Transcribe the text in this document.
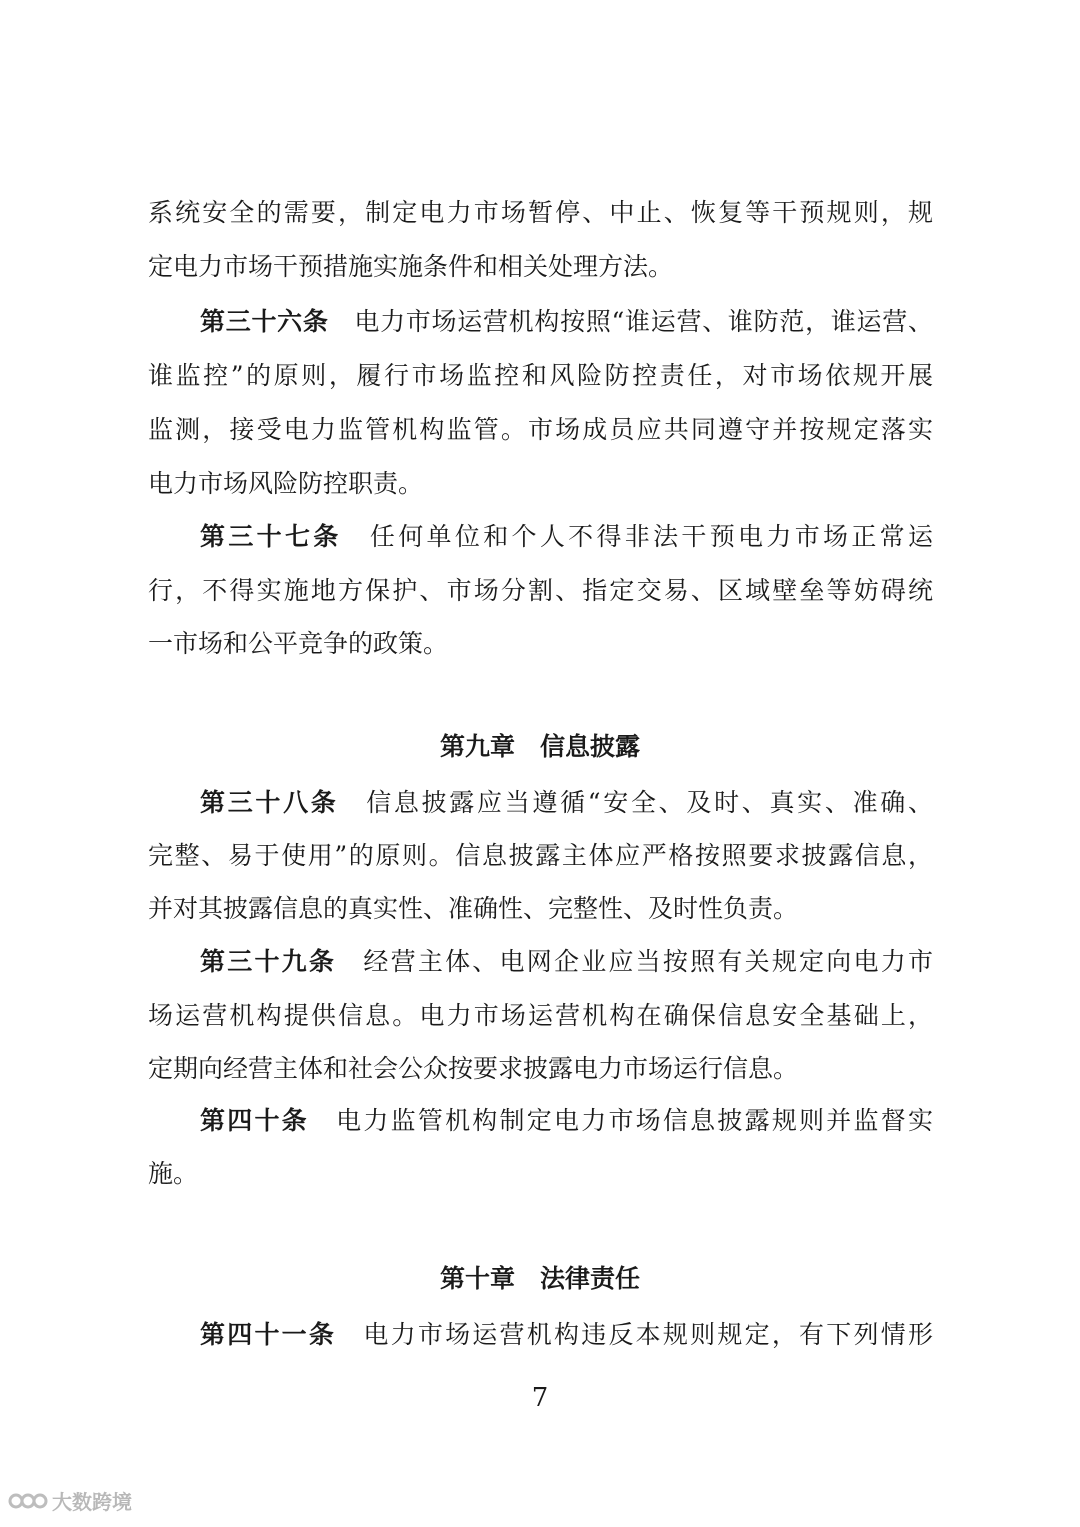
系统安全的需要，制定电力市场暂停、中止、恢复等干预规则，规
定电力市场干预措施实施条件和相关处理方法。
第三十六条　 电力市场运营机构按照“谁运营、谁防范，谁运营、
谁监控”的原则，履行市场监控和风险防控责任，对市场依规开展
监测，接受电力监管机构监管。市场成员应共同遵守并按规定落实
电力市场风险防控职责。
第三十七条　 任何单位和个人不得非法干预电力市场正常运
行，不得实施地方保护、市场分割、指定交易、区域壁垒等妨碍统
一市场和公平竞争的政策。
第九章　信息披露
第三十八条　 信息披露应当遵循“安全、及时、真实、准确、
完整、易于使用”的原则。信息披露主体应严格按照要求披露信息，
并对其披露信息的真实性、准确性、完整性、及时性负责。
第三十九条　 经营主体、电网企业应当按照有关规定向电力市
场运营机构提供信息。电力市场运营机构在确保信息安全基础上，
定期向经营主体和社会公众按要求披露电力市场运行信息。
第四十条　 电力监管机构制定电力市场信息披露规则并监督实
施。
第十章　法律责任
第四十一条　 电力市场运营机构违反本规则规定，有下列情形
7
大数跨境
